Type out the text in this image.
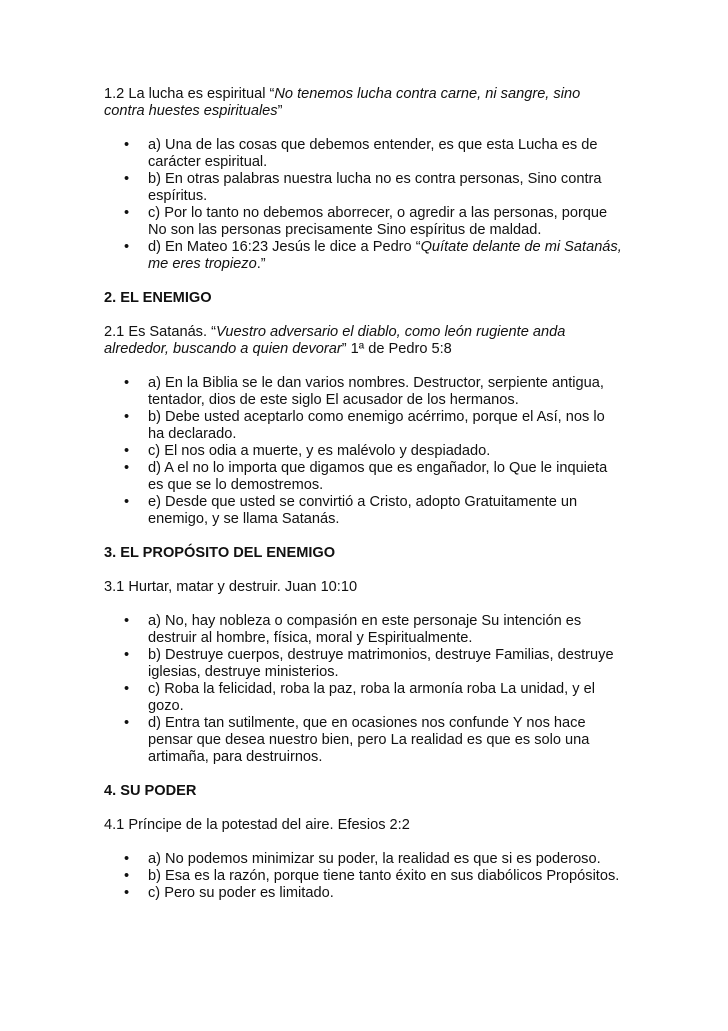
1.2 La lucha es espiritual “No tenemos lucha contra carne, ni sangre, sino contra huestes espirituales”

• a) Una de las cosas que debemos entender, es que esta Lucha es de carácter espiritual.
• b) En otras palabras nuestra lucha no es contra personas, Sino contra espíritus.
• c) Por lo tanto no debemos aborrecer, o agredir a las personas, porque No son las personas precisamente Sino espíritus de maldad.
• d) En Mateo 16:23 Jesús le dice a Pedro “Quítate delante de mi Satanás, me eres tropiezo.”

2. EL ENEMIGO

2.1 Es Satanás. “Vuestro adversario el diablo, como león rugiente anda alrededor, buscando a quien devorar” 1ª de Pedro 5:8

• a) En la Biblia se le dan varios nombres. Destructor, serpiente antigua, tentador, dios de este siglo El acusador de los hermanos.
• b) Debe usted aceptarlo como enemigo acérrimo, porque el Así, nos lo ha declarado.
• c) El nos odia a muerte, y es malévolo y despiadado.
• d) A el no lo importa que digamos que es engañador, lo Que le inquieta es que se lo demostremos.
• e) Desde que usted se convirtió a Cristo, adopto Gratuitamente un enemigo, y se llama Satanás.

3. EL PROPÓSITO DEL ENEMIGO

3.1 Hurtar, matar y destruir. Juan 10:10

• a) No, hay nobleza o compasión en este personaje Su intención es destruir al hombre, física, moral y Espiritualmente.
• b) Destruye cuerpos, destruye matrimonios, destruye Familias, destruye iglesias, destruye ministerios.
• c) Roba la felicidad, roba la paz, roba la armonía roba La unidad, y el gozo.
• d) Entra tan sutilmente, que en ocasiones nos confunde Y nos hace pensar que desea nuestro bien, pero La realidad es que es solo una artimaña, para destruirnos.

4. SU PODER

4.1 Príncipe de la potestad del aire. Efesios 2:2

• a) No podemos minimizar su poder, la realidad es que si es poderoso.
• b) Esa es la razón, porque tiene tanto éxito en sus diabólicos Propósitos.
• c) Pero su poder es limitado.
